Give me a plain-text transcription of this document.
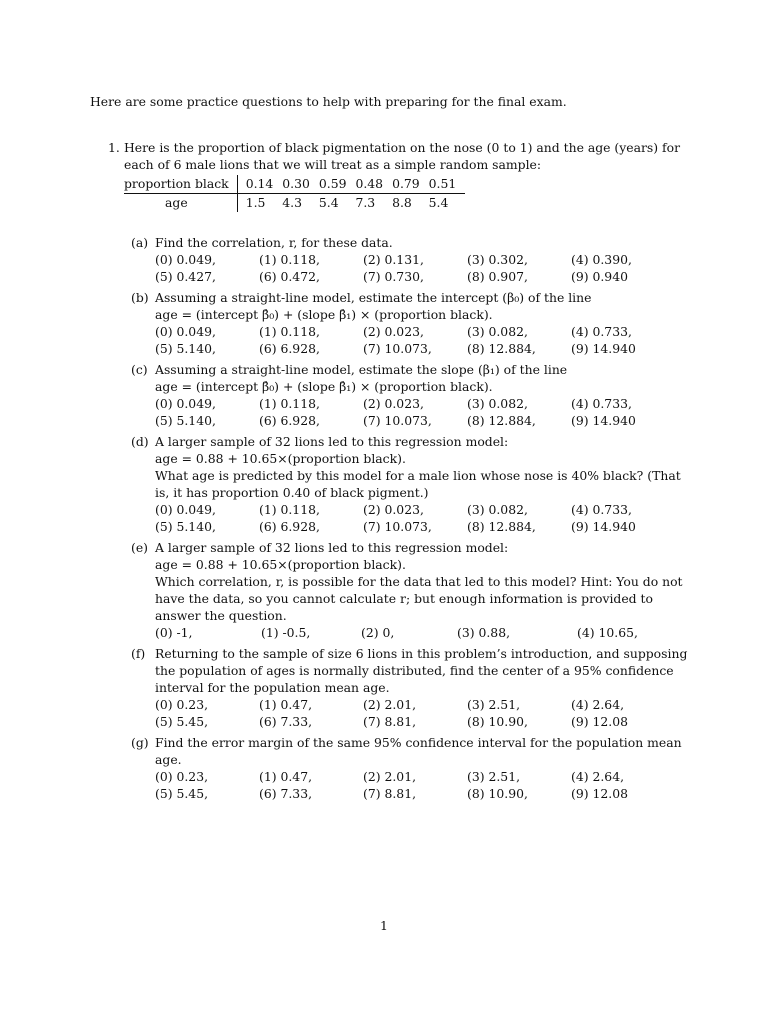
Here are some practice questions to help with preparing for the final exam.
1. Here is the proportion of black pigmentation on the nose (0 to 1) and the age (years) for each of 6 male lions that we will treat as a simple random sample:
proportion black	0.14	0.30	0.59	0.48	0.79	0.51
age	1.5	4.3	5.4	7.3	8.8	5.4
(a) Find the correlation, r, for these data.
(0) 0.049,	(1) 0.118,	(2) 0.131,	(3) 0.302,	(4) 0.390,
(5) 0.427,	(6) 0.472,	(7) 0.730,	(8) 0.907,	(9) 0.940
(b) Assuming a straight-line model, estimate the intercept (β₀) of the line
age = (intercept β̂₀) + (slope β̂₁) × (proportion black).
(0) 0.049,	(1) 0.118,	(2) 0.023,	(3) 0.082,	(4) 0.733,
(5) 5.140,	(6) 6.928,	(7) 10.073,	(8) 12.884,	(9) 14.940
(c) Assuming a straight-line model, estimate the slope (β₁) of the line
age = (intercept β̂₀) + (slope β̂₁) × (proportion black).
(0) 0.049,	(1) 0.118,	(2) 0.023,	(3) 0.082,	(4) 0.733,
(5) 5.140,	(6) 6.928,	(7) 10.073,	(8) 12.884,	(9) 14.940
(d) A larger sample of 32 lions led to this regression model:
age = 0.88 + 10.65×(proportion black).
What age is predicted by this model for a male lion whose nose is 40% black? (That is, it has proportion 0.40 of black pigment.)
(0) 0.049,	(1) 0.118,	(2) 0.023,	(3) 0.082,	(4) 0.733,
(5) 5.140,	(6) 6.928,	(7) 10.073,	(8) 12.884,	(9) 14.940
(e) A larger sample of 32 lions led to this regression model:
age = 0.88 + 10.65×(proportion black).
Which correlation, r, is possible for the data that led to this model? Hint: You do not have the data, so you cannot calculate r; but enough information is provided to answer the question.
(0) -1,	(1) -0.5,	(2) 0,	(3) 0.88,	(4) 10.65,
(f) Returning to the sample of size 6 lions in this problem’s introduction, and supposing the population of ages is normally distributed, find the center of a 95% confidence interval for the population mean age.
(0) 0.23,	(1) 0.47,	(2) 2.01,	(3) 2.51,	(4) 2.64,
(5) 5.45,	(6) 7.33,	(7) 8.81,	(8) 10.90,	(9) 12.08
(g) Find the error margin of the same 95% confidence interval for the population mean age.
(0) 0.23,	(1) 0.47,	(2) 2.01,	(3) 2.51,	(4) 2.64,
(5) 5.45,	(6) 7.33,	(7) 8.81,	(8) 10.90,	(9) 12.08
1
